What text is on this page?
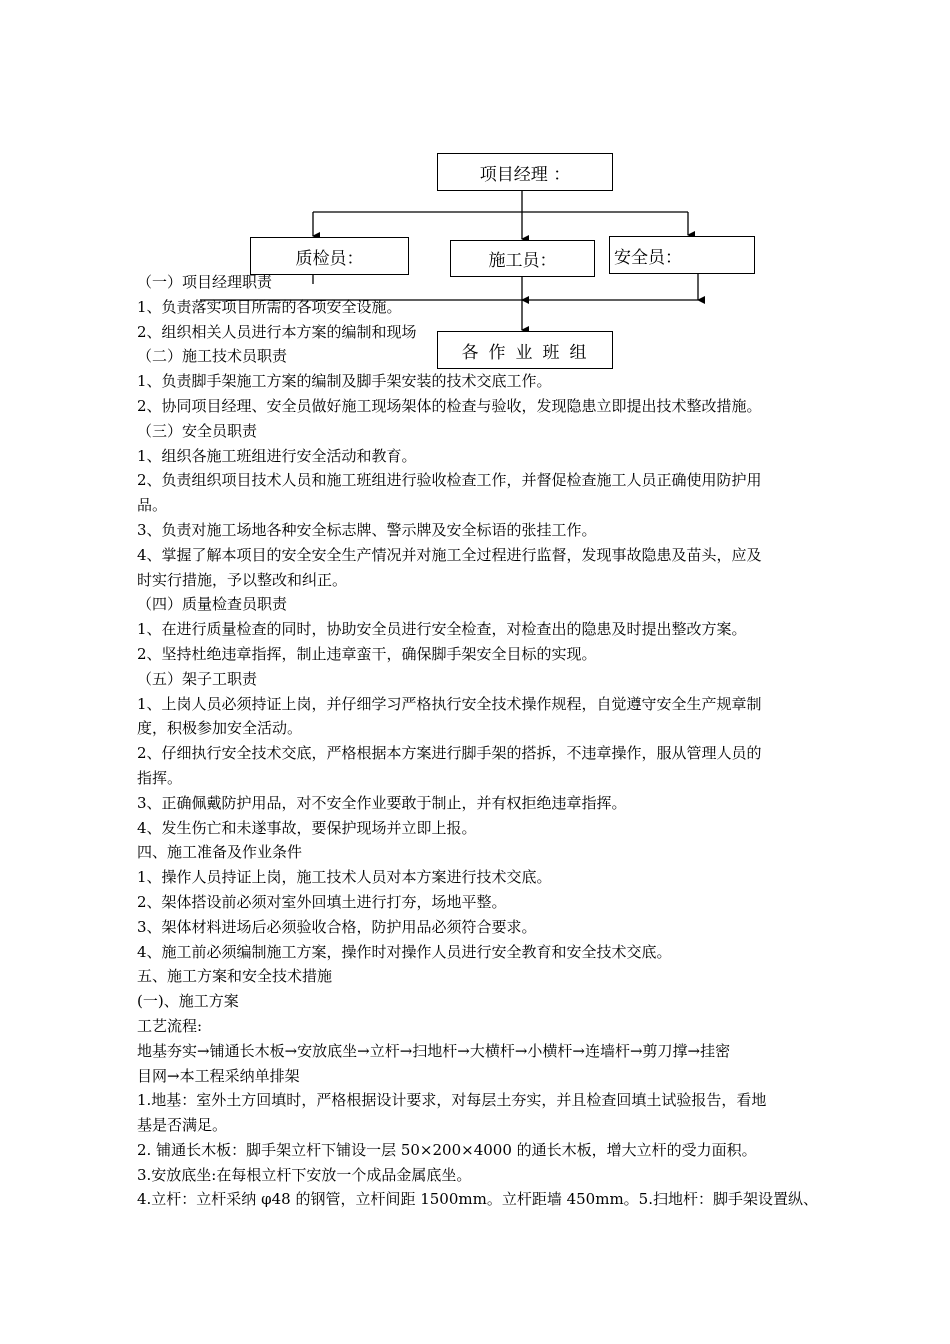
项目经理 ：
质检员：	施工员：	安全员：

（一）项目经理职责

1、负责落实项目所需的各项安全设施。

2、组织相关人员进行本方案的编制和现场

（二）施工技术员职责

1、负责脚手架施工方案的编制及脚手架安装的技术交底工作。

2、协同项目经理、安全员做好施工现场架体的检查与验收，发现隐患立即提出技术整改措施。

（三）安全员职责

1、组织各施工班组进行安全活动和教育。

2、负责组织项目技术人员和施工班组进行验收检查工作，并督促检查施工人员正确使用防护用

品。

3、负责对施工场地各种安全标志牌、警示牌及安全标语的张挂工作。

4、掌握了解本项目的安全安全生产情况并对施工全过程进行监督，发现事故隐患及苗头，应及

时实行措施，予以整改和纠正。

（四）质量检查员职责

1、在进行质量检查的同时，协助安全员进行安全检查，对检查出的隐患及时提出整改方案。

2、坚持杜绝违章指挥，制止违章蛮干，确保脚手架安全目标的实现。

（五）架子工职责

1、上岗人员必须持证上岗，并仔细学习严格执行安全技术操作规程，自觉遵守安全生产规章制

度，积极参加安全活动。

2、仔细执行安全技术交底，严格根据本方案进行脚手架的搭拆，不违章操作，服从管理人员的

指挥。

3、正确佩戴防护用品，对不安全作业要敢于制止，并有权拒绝违章指挥。

4、发生伤亡和未遂事故，要保护现场并立即上报。

四、施工准备及作业条件

1、操作人员持证上岗，施工技术人员对本方案进行技术交底。

2、架体搭设前必须对室外回填土进行打夯，场地平整。

3、架体材料进场后必须验收合格，防护用品必须符合要求。

4、施工前必须编制施工方案，操作时对操作人员进行安全教育和安全技术交底。

五、施工方案和安全技术措施

(一)、施工方案

工艺流程:

地基夯实→铺通长木板→安放底坐→立杆→扫地杆→大横杆→小横杆→连墙杆→剪刀撑→挂密

目网→本工程采纳单排架

1.地基：室外土方回填时，严格根据设计要求，对每层土夯实，并且检查回填土试验报告，看地

基是否满足。

2. 铺通长木板：脚手架立杆下铺设一层 50×200×4000 的通长木板，增大立杆的受力面积。

3.安放底坐:在每根立杆下安放一个成品金属底坐。

4.立杆：立杆采纳 φ48 的钢管，立杆间距 1500mm。立杆距墙 450mm。5.扫地杆：脚手架设置纵、

各作业班组
